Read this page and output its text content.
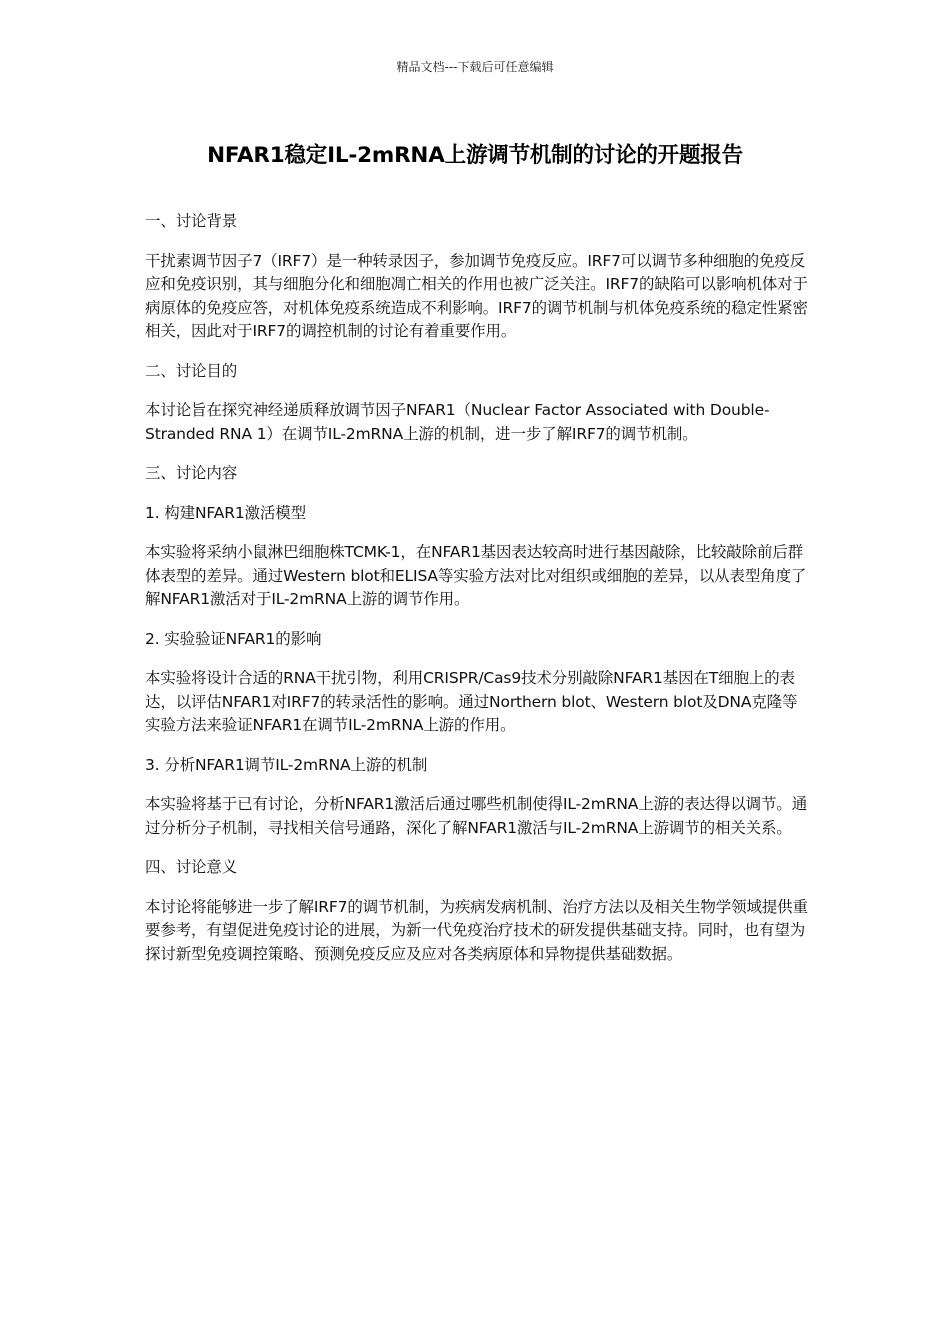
精品文档---下载后可任意编辑
NFAR1稳定IL-2mRNA上游调节机制的讨论的开题报告

一、讨论背景

干扰素调节因子7（IRF7）是一种转录因子，参加调节免疫反应。IRF7可以调节多种细胞的免疫反应和免疫识别，其与细胞分化和细胞凋亡相关的作用也被广泛关注。IRF7的缺陷可以影响机体对于病原体的免疫应答，对机体免疫系统造成不利影响。IRF7的调节机制与机体免疫系统的稳定性紧密相关，因此对于IRF7的调控机制的讨论有着重要作用。

二、讨论目的

本讨论旨在探究神经递质释放调节因子NFAR1（Nuclear Factor Associated with Double-Stranded RNA 1）在调节IL-2mRNA上游的机制，进一步了解IRF7的调节机制。

三、讨论内容

1. 构建NFAR1激活模型

本实验将采纳小鼠淋巴细胞株TCMK-1，在NFAR1基因表达较高时进行基因敲除，比较敲除前后群体表型的差异。通过Western blot和ELISA等实验方法对比对组织或细胞的差异，以从表型角度了解NFAR1激活对于IL-2mRNA上游的调节作用。

2. 实验验证NFAR1的影响

本实验将设计合适的RNA干扰引物，利用CRISPR/Cas9技术分别敲除NFAR1基因在T细胞上的表达，以评估NFAR1对IRF7的转录活性的影响。通过Northern blot、Western blot及DNA克隆等实验方法来验证NFAR1在调节IL-2mRNA上游的作用。

3. 分析NFAR1调节IL-2mRNA上游的机制

本实验将基于已有讨论，分析NFAR1激活后通过哪些机制使得IL-2mRNA上游的表达得以调节。通过分析分子机制，寻找相关信号通路，深化了解NFAR1激活与IL-2mRNA上游调节的相关关系。

四、讨论意义

本讨论将能够进一步了解IRF7的调节机制，为疾病发病机制、治疗方法以及相关生物学领域提供重要参考，有望促进免疫讨论的进展，为新一代免疫治疗技术的研发提供基础支持。同时，也有望为探讨新型免疫调控策略、预测免疫反应及应对各类病原体和异物提供基础数据。
